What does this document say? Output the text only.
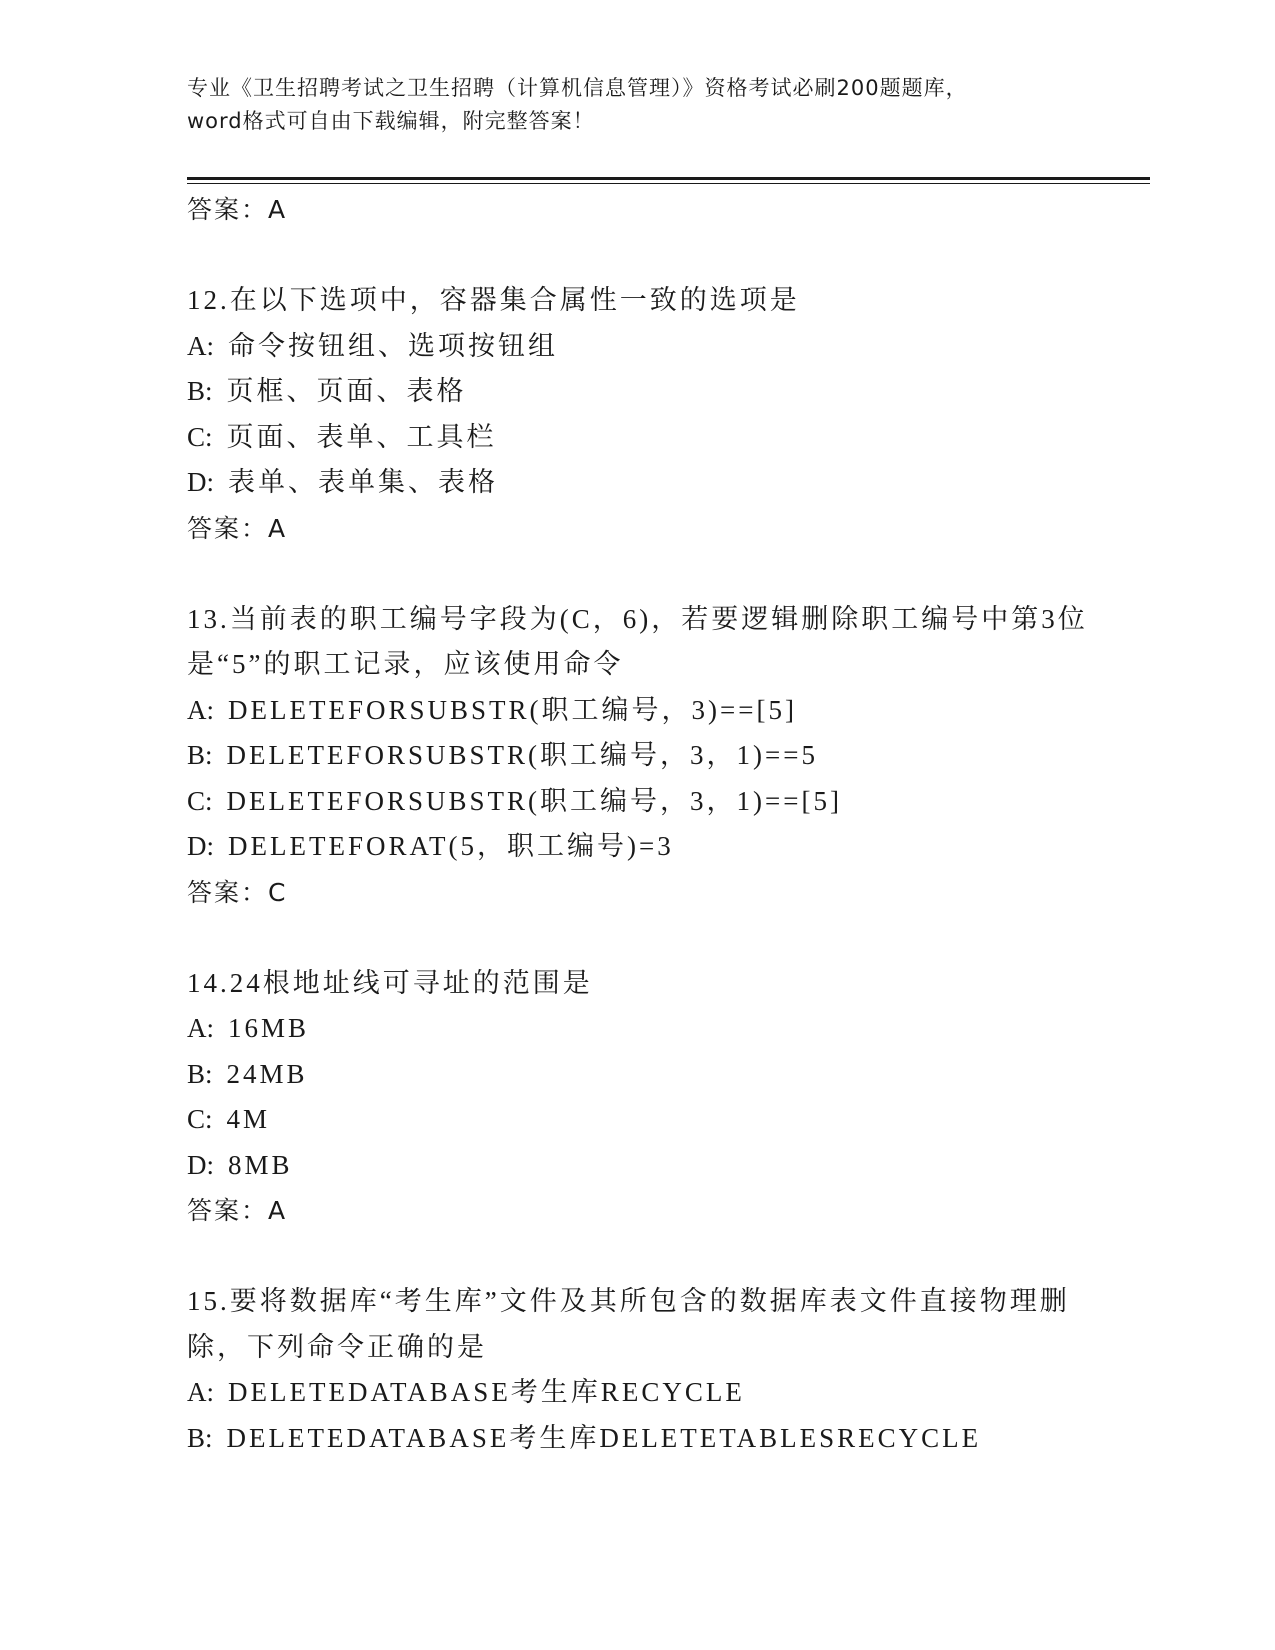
专业《卫生招聘考试之卫生招聘（计算机信息管理）》资格考试必刷200题题库，
word格式可自由下载编辑，附完整答案！
答案：A
12.在以下选项中，容器集合属性一致的选项是
A: 命令按钮组、选项按钮组
B: 页框、页面、表格
C: 页面、表单、工具栏
D: 表单、表单集、表格
答案：A
13.当前表的职工编号字段为(C，6)，若要逻辑删除职工编号中第3位
是“5”的职工记录，应该使用命令
A: DELETEFORSUBSTR(职工编号，3)==[5]
B: DELETEFORSUBSTR(职工编号，3，1)==5
C: DELETEFORSUBSTR(职工编号，3，1)==[5]
D: DELETEFORAT(5，职工编号)=3
答案：C
14.24根地址线可寻址的范围是
A: 16MB
B: 24MB
C: 4M
D: 8MB
答案：A
15.要将数据库“考生库”文件及其所包含的数据库表文件直接物理删
除，下列命令正确的是
A: DELETEDATABASE考生库RECYCLE
B: DELETEDATABASE考生库DELETETABLESRECYCLE
